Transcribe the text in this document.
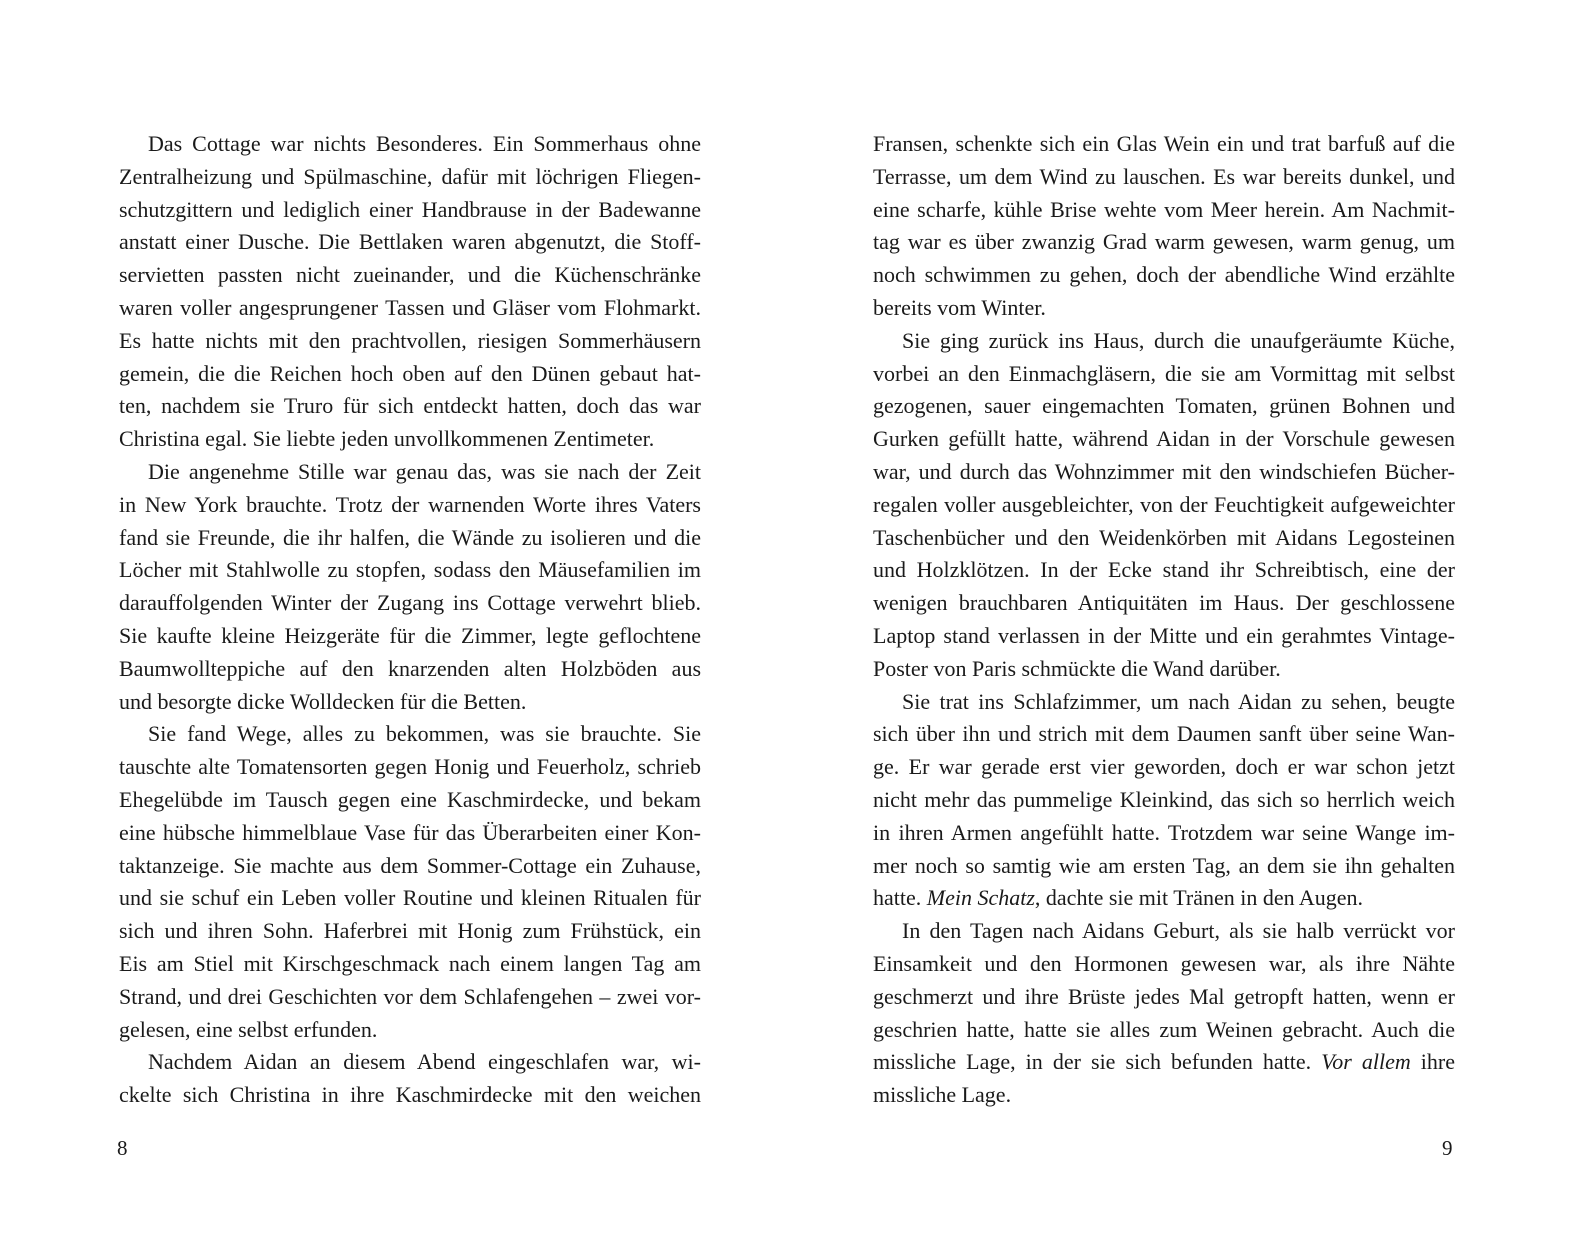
Das Cottage war nichts Besonderes. Ein Sommerhaus ohne
Zentralheizung und Spülmaschine, dafür mit löchrigen Fliegen-
schutzgittern und lediglich einer Handbrause in der Badewanne
anstatt einer Dusche. Die Bettlaken waren abgenutzt, die Stoff-
servietten passten nicht zueinander, und die Küchenschränke
waren voller angesprungener Tassen und Gläser vom Flohmarkt.
Es hatte nichts mit den prachtvollen, riesigen Sommerhäusern
gemein, die die Reichen hoch oben auf den Dünen gebaut hat-
ten, nachdem sie Truro für sich entdeckt hatten, doch das war
Christina egal. Sie liebte jeden unvollkommenen Zentimeter.
Die angenehme Stille war genau das, was sie nach der Zeit
in New York brauchte. Trotz der warnenden Worte ihres Vaters
fand sie Freunde, die ihr halfen, die Wände zu isolieren und die
Löcher mit Stahlwolle zu stopfen, sodass den Mäusefamilien im
darauffolgenden Winter der Zugang ins Cottage verwehrt blieb.
Sie kaufte kleine Heizgeräte für die Zimmer, legte geflochtene
Baumwollteppiche auf den knarzenden alten Holzböden aus
und besorgte dicke Wolldecken für die Betten.
Sie fand Wege, alles zu bekommen, was sie brauchte. Sie
tauschte alte Tomatensorten gegen Honig und Feuerholz, schrieb
Ehegelübde im Tausch gegen eine Kaschmirdecke, und bekam
eine hübsche himmelblaue Vase für das Überarbeiten einer Kon-
taktanzeige. Sie machte aus dem Sommer-Cottage ein Zuhause,
und sie schuf ein Leben voller Routine und kleinen Ritualen für
sich und ihren Sohn. Haferbrei mit Honig zum Frühstück, ein
Eis am Stiel mit Kirschgeschmack nach einem langen Tag am
Strand, und drei Geschichten vor dem Schlafengehen – zwei vor-
gelesen, eine selbst erfunden.
Nachdem Aidan an diesem Abend eingeschlafen war, wi-
ckelte sich Christina in ihre Kaschmirdecke mit den weichen
8
Fransen, schenkte sich ein Glas Wein ein und trat barfuß auf die
Terrasse, um dem Wind zu lauschen. Es war bereits dunkel, und
eine scharfe, kühle Brise wehte vom Meer herein. Am Nachmit-
tag war es über zwanzig Grad warm gewesen, warm genug, um
noch schwimmen zu gehen, doch der abendliche Wind erzählte
bereits vom Winter.
Sie ging zurück ins Haus, durch die unaufgeräumte Küche,
vorbei an den Einmachgläsern, die sie am Vormittag mit selbst
gezogenen, sauer eingemachten Tomaten, grünen Bohnen und
Gurken gefüllt hatte, während Aidan in der Vorschule gewesen
war, und durch das Wohnzimmer mit den windschiefen Bücher-
regalen voller ausgebleichter, von der Feuchtigkeit aufgeweichter
Taschenbücher und den Weidenkörben mit Aidans Legosteinen
und Holzklötzen. In der Ecke stand ihr Schreibtisch, eine der
wenigen brauchbaren Antiquitäten im Haus. Der geschlossene
Laptop stand verlassen in der Mitte und ein gerahmtes Vintage-
Poster von Paris schmückte die Wand darüber.
Sie trat ins Schlafzimmer, um nach Aidan zu sehen, beugte
sich über ihn und strich mit dem Daumen sanft über seine Wan-
ge. Er war gerade erst vier geworden, doch er war schon jetzt
nicht mehr das pummelige Kleinkind, das sich so herrlich weich
in ihren Armen angefühlt hatte. Trotzdem war seine Wange im-
mer noch so samtig wie am ersten Tag, an dem sie ihn gehalten
hatte. Mein Schatz, dachte sie mit Tränen in den Augen.
In den Tagen nach Aidans Geburt, als sie halb verrückt vor
Einsamkeit und den Hormonen gewesen war, als ihre Nähte
geschmerzt und ihre Brüste jedes Mal getropft hatten, wenn er
geschrien hatte, hatte sie alles zum Weinen gebracht. Auch die
missliche Lage, in der sie sich befunden hatte. Vor allem ihre
missliche Lage.
9
